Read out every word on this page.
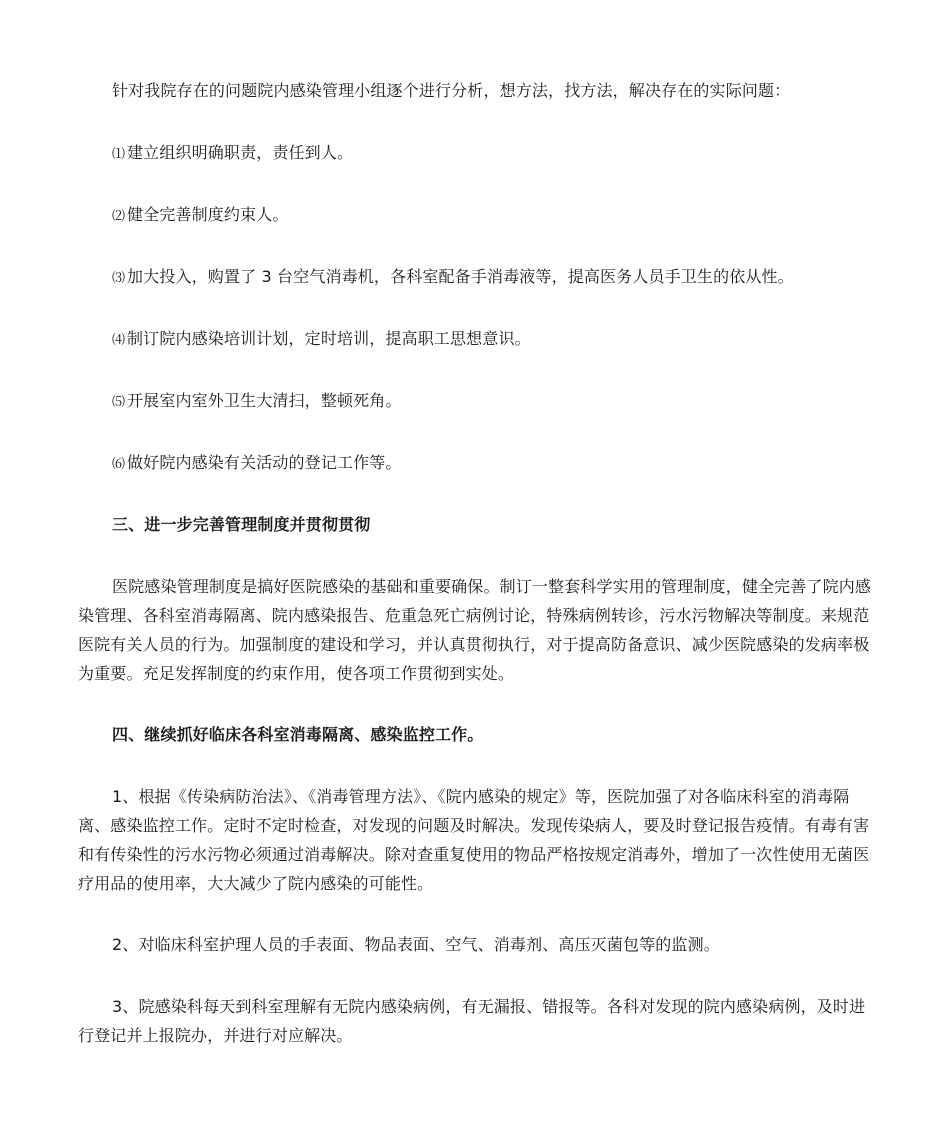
针对我院存在的问题院内感染管理小组逐个进行分析，想方法，找方法，解决存在的实际问题：

⑴ 建立组织明确职责，责任到人。

⑵ 健全完善制度约束人。

⑶ 加大投入，购置了 3 台空气消毒机，各科室配备手消毒液等，提高医务人员手卫生的依从性。

⑷ 制订院内感染培训计划，定时培训，提高职工思想意识。

⑸ 开展室内室外卫生大清扫，整顿死角。

⑹ 做好院内感染有关活动的登记工作等。

三、进一步完善管理制度并贯彻贯彻

医院感染管理制度是搞好医院感染的基础和重要确保。制订一整套科学实用的管理制度，健全完善了院内感染管理、各科室消毒隔离、院内感染报告、危重急死亡病例讨论，特殊病例转诊，污水污物解决等制度。来规范医院有关人员的行为。加强制度的建设和学习，并认真贯彻执行，对于提高防备意识、减少医院感染的发病率极为重要。充足发挥制度的约束作用，使各项工作贯彻到实处。

四、继续抓好临床各科室消毒隔离、感染监控工作。

1、根据《传染病防治法》、《消毒管理方法》、《院内感染的规定》等，医院加强了对各临床科室的消毒隔离、感染监控工作。定时不定时检查，对发现的问题及时解决。发现传染病人，要及时登记报告疫情。有毒有害和有传染性的污水污物必须通过消毒解决。除对查重复使用的物品严格按规定消毒外，增加了一次性使用无菌医疗用品的使用率，大大减少了院内感染的可能性。

2、对临床科室护理人员的手表面、物品表面、空气、消毒剂、高压灭菌包等的监测。

3、院感染科每天到科室理解有无院内感染病例，有无漏报、错报等。各科对发现的院内感染病例，及时进行登记并上报院办，并进行对应解决。
